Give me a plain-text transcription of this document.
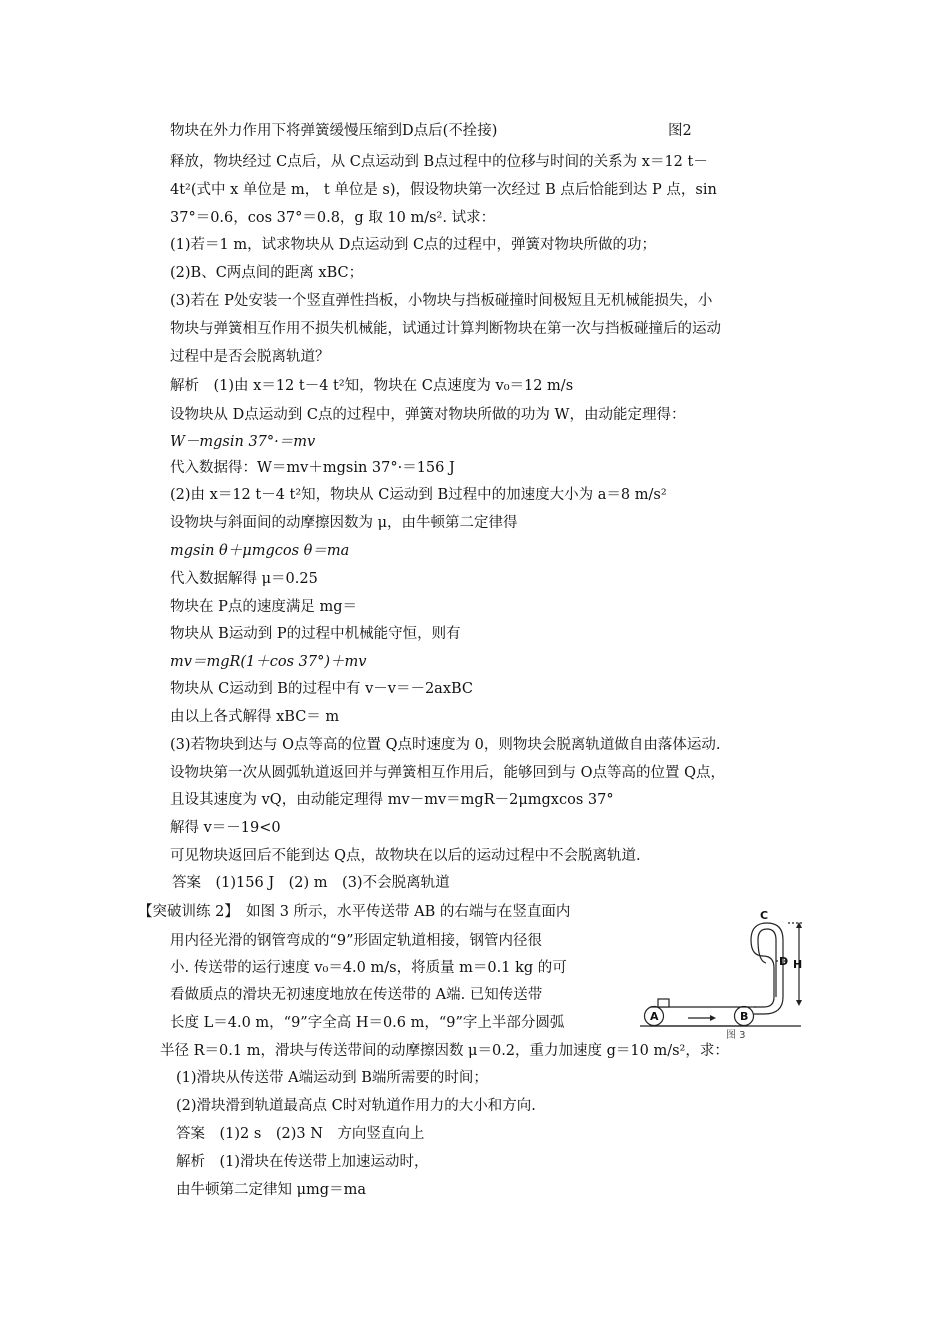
物块在外力作用下将弹簧缓慢压缩到D点后(不拴接)	图2
释放，物块经过 C点后，从 C点运动到 B点过程中的位移与时间的关系为 x＝12 t－
4t²(式中 x 单位是 m， t 单位是 s)，假设物块第一次经过 B 点后恰能到达 P 点，sin
37°＝0.6，cos 37°＝0.8，g 取 10 m/s². 试求：
(1)若＝1 m，试求物块从 D点运动到 C点的过程中，弹簧对物块所做的功；
(2)B、C两点间的距离 xBC；
(3)若在 P处安装一个竖直弹性挡板，小物块与挡板碰撞时间极短且无机械能损失，小
物块与弹簧相互作用不损失机械能，试通过计算判断物块在第一次与挡板碰撞后的运动
过程中是否会脱离轨道？
解析　(1)由 x＝12 t－4 t²知，物块在 C点速度为 v₀＝12 m/s
设物块从 D点运动到 C点的过程中，弹簧对物块所做的功为 W，由动能定理得：
W－mgsin 37°·＝mv
代入数据得：W＝mv＋mgsin 37°·＝156 J
(2)由 x＝12 t－4 t²知，物块从 C运动到 B过程中的加速度大小为 a＝8 m/s²
设物块与斜面间的动摩擦因数为 μ，由牛顿第二定律得
mgsin θ＋μmgcos θ＝ma
代入数据解得 μ＝0.25
物块在 P点的速度满足 mg＝
物块从 B运动到 P的过程中机械能守恒，则有
mv＝mgR(1＋cos 37°)＋mv
物块从 C运动到 B的过程中有 v－v＝－2axBC
由以上各式解得 xBC＝ m
(3)若物块到达与 O点等高的位置 Q点时速度为 0，则物块会脱离轨道做自由落体运动.
设物块第一次从圆弧轨道返回并与弹簧相互作用后，能够回到与 O点等高的位置 Q点，
且设其速度为 vQ，由动能定理得 mv－mv＝mgR－2μmgxcos 37°
解得 v＝－19<0
可见物块返回后不能到达 Q点，故物块在以后的运动过程中不会脱离轨道.
答案　(1)156 J　(2) m　(3)不会脱离轨道
【突破训练 2】　如图 3 所示，水平传送带 AB 的右端与在竖直面内
用内径光滑的钢管弯成的“9”形固定轨道相接，钢管内径很
小. 传送带的运行速度 v₀＝4.0 m/s，将质量 m＝0.1 kg 的可
看做质点的滑块无初速度地放在传送带的 A端. 已知传送带
长度 L＝4.0 m，“9”字全高 H＝0.6 m，“9”字上半部分圆弧
半径 R＝0.1 m，滑块与传送带间的动摩擦因数 μ＝0.2，重力加速度 g＝10 m/s²，求：
(1)滑块从传送带 A端运动到 B端所需要的时间；
(2)滑块滑到轨道最高点 C时对轨道作用力的大小和方向.
答案　(1)2 s　(2)3 N　方向竖直向上
解析　(1)滑块在传送带上加速运动时，
由牛顿第二定律知 μmg＝ma
A	B
C
D H
图 3
